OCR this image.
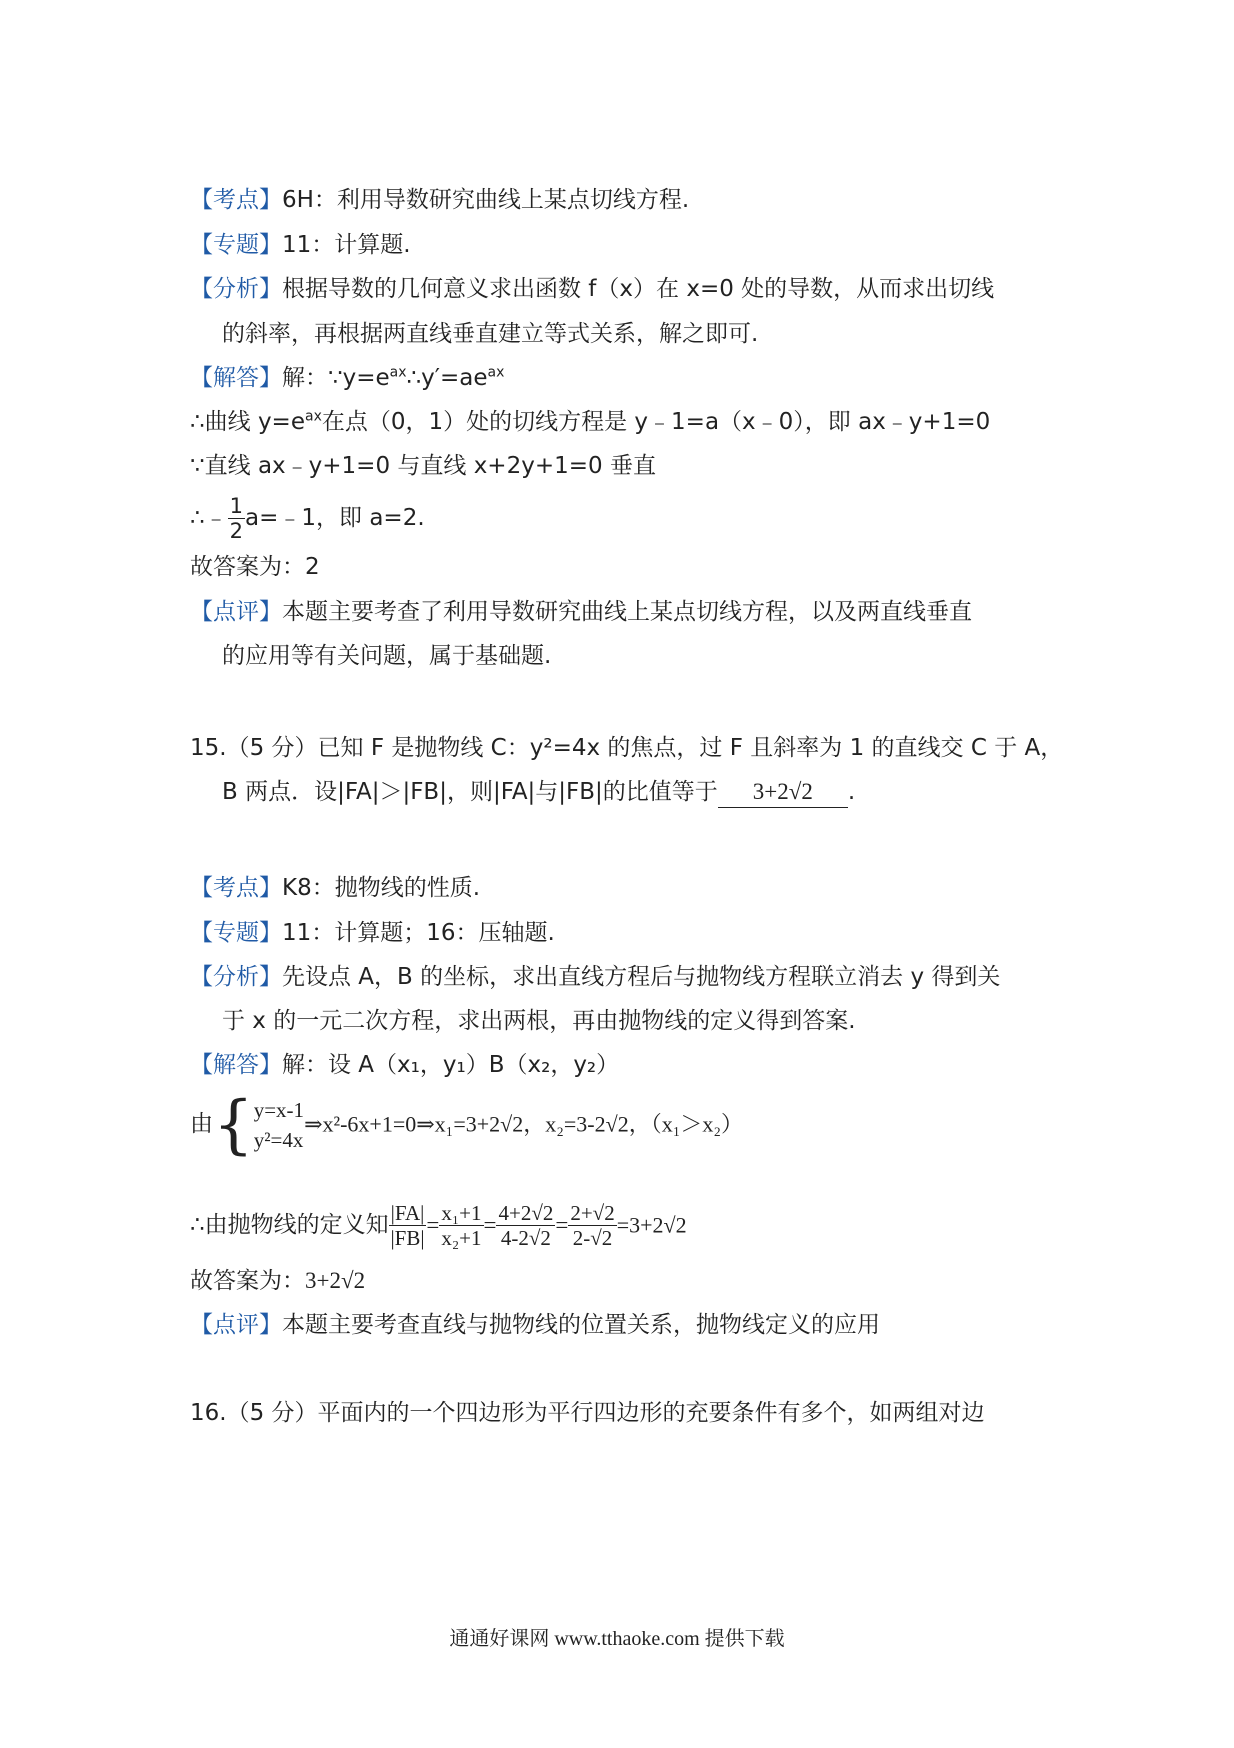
【考点】6H：利用导数研究曲线上某点切线方程.
【专题】11：计算题.
【分析】根据导数的几何意义求出函数 f（x）在 x=0 处的导数，从而求出切线
的斜率，再根据两直线垂直建立等式关系，解之即可.
【解答】解：$\because y=e^{ax}\therefore y'=ae^{ax}$
∴曲线 $y=e^{ax}$在点（0，1）处的切线方程是 y﹣1=a（x﹣0），即 ax﹣y+1=0
∵直线 ax﹣y+1=0 与直线 x+2y+1=0 垂直
∴﹣ $\frac{1}{2}$ a=﹣1，即 a=2.
故答案为：2
【点评】本题主要考查了利用导数研究曲线上某点切线方程，以及两直线垂直
的应用等有关问题，属于基础题.
15.（5 分）已知 F 是抛物线 C：y²=4x 的焦点，过 F 且斜率为 1 的直线交 C 于 A，
B 两点．设|FA|＞|FB|，则|FA|与|FB|的比值等于 3+2√2 .
【考点】K8：抛物线的性质.
【专题】11：计算题；16：压轴题.
【分析】先设点 A，B 的坐标，求出直线方程后与抛物线方程联立消去 y 得到关
于 x 的一元二次方程，求出两根，再由抛物线的定义得到答案.
【解答】解：设 A（x₁，y₁）B（x₂，y₂）
由{ y=x-1
y²=4x
⇒x²-6x+1=0⇒x₁=3+2√2，x₂=3-2√2，（x₁＞x₂）
∴由抛物线的定义知 $\frac{|FA|}{|FB|} = \frac{\text{x₁+1}}{\text{x₂+1}} = \frac{4+2√2}{4-2√2} = \frac{2+√2}{2-√2} =3+2√2$
故答案为：3+2√2
【点评】本题主要考查直线与抛物线的位置关系，抛物线定义的应用
16.（5 分）平面内的一个四边形为平行四边形的充要条件有多个，如两组对边
通通好课网 www.tthaoke.com 提供下载
